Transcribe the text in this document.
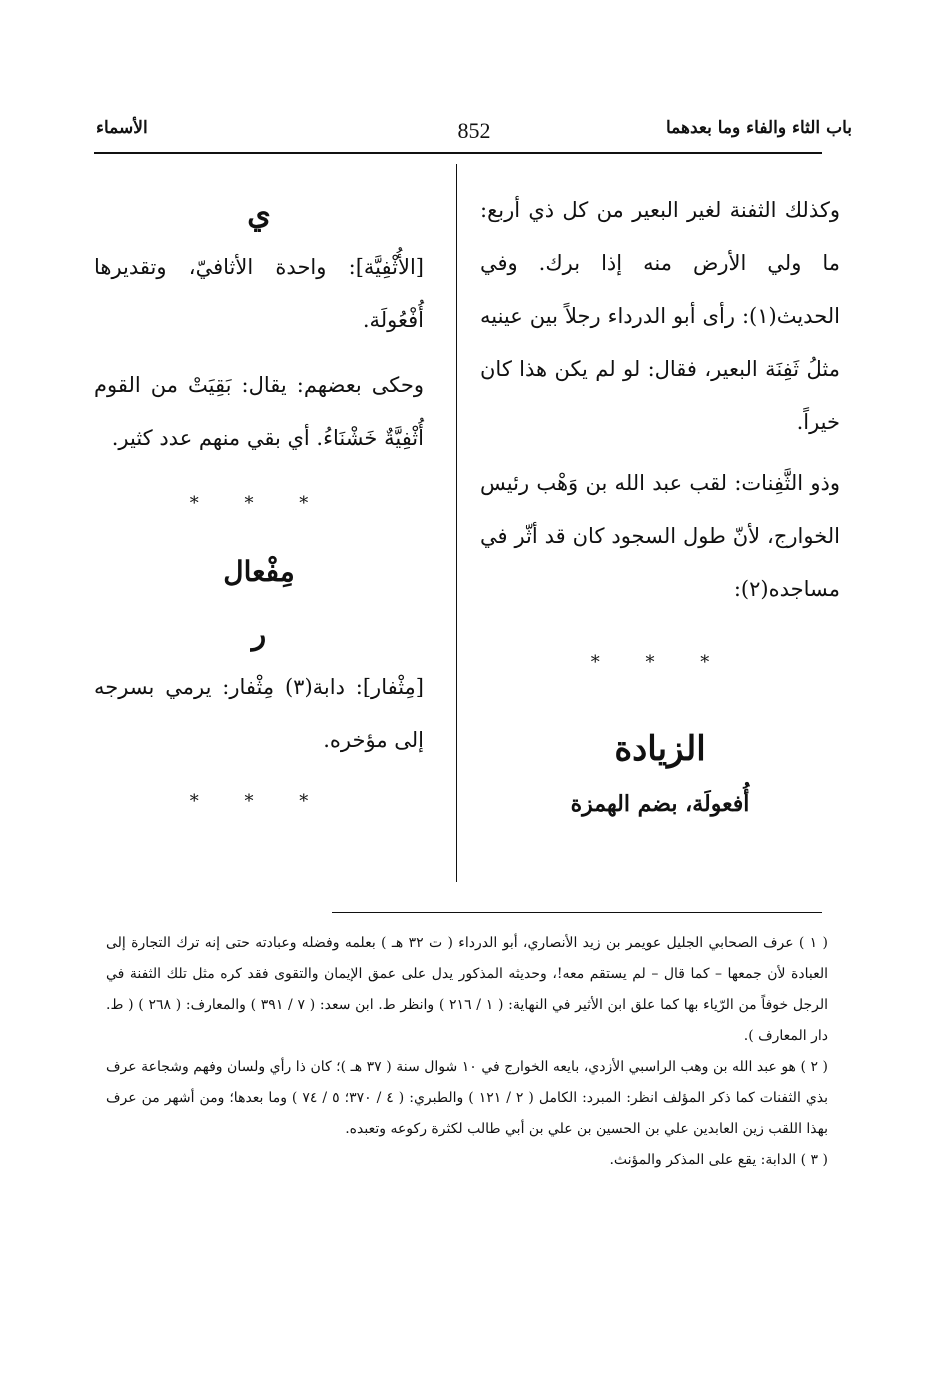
باب الثاء والفاء وما بعدهما
852
الأسماء

وكذلك الثفنة لغير البعير من كل ذي أربع: ما ولي الأرض منه إذا برك. وفي الحديث(١): رأى أبو الدرداء رجلاً بين عينيه مثلُ ثَفِنَة البعير، فقال: لو لم يكن هذا كان خيراً.

وذو الثَّفِنات: لقب عبد الله بن وَهْب رئيس الخوارج، لأنّ طول السجود كان قد أثّر في مساجده(٢):

* * *
الزيادة
أُفعولَة، بضم الهمزة
ي

[الأُثْفِيَّة]: واحدة الأثافيّ، وتقديرها أُفْعُولَة.

وحكى بعضهم: يقال: بَقِيَتْ من القوم أُثْفِيَّةٌ خَشْنَاءُ. أي بقي منهم عدد كثير.

* * *
مِفْعال
ر

[مِثْفار]: دابة(٣) مِثْفار: يرمي بسرجه إلى مؤخره.

* * *

( ١ ) عرف الصحابي الجليل عويمر بن زيد الأنصاري، أبو الدرداء ( ت ٣٢ هـ ) بعلمه وفضله وعبادته حتى إنه ترك التجارة إلى العبادة لأن جمعها – كما قال – لم يستقم معه!، وحديثه المذكور يدل على عمق الإيمان والتقوى فقد كره مثل تلك الثفنة في الرجل خوفاً من الرّياء بها كما علق ابن الأثير في النهاية: ( ١ / ٢١٦ ) وانظر ط. ابن سعد: ( ٧ / ٣٩١ ) والمعارف: ( ٢٦٨ ) ( ط. دار المعارف ).

( ٢ ) هو عبد الله بن وهب الراسبي الأزدي، بايعه الخوارج في ١٠ شوال سنة ( ٣٧ هـ )؛ كان ذا رأي ولسان وفهم وشجاعة عرف بذي الثفنات كما ذكر المؤلف انظر: المبرد: الكامل ( ٢ / ١٢١ ) والطبري: ( ٤ / ٣٧٠؛ ٥ / ٧٤ ) وما بعدها؛ ومن أشهر من عرف بهذا اللقب زين العابدين علي بن الحسين بن علي بن أبي طالب لكثرة ركوعه وتعبده.

( ٣ ) الدابة: يقع على المذكر والمؤنث.
